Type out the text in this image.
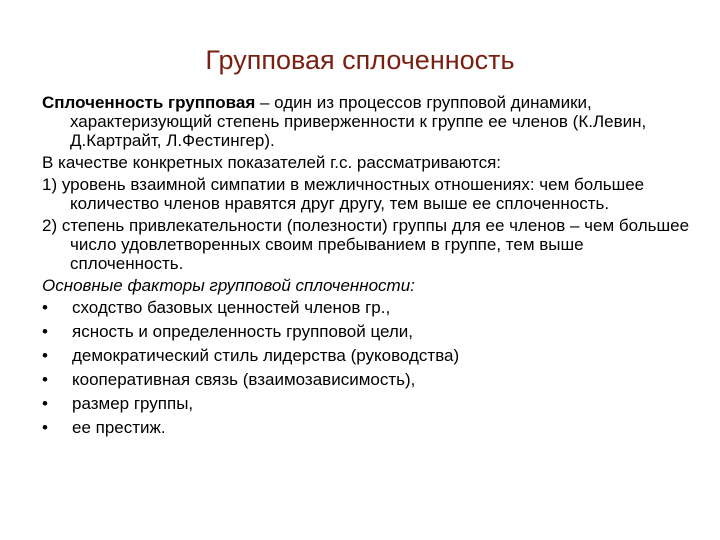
Групповая сплоченность

Сплоченность групповая – один из процессов групповой динамики, характеризующий степень приверженности к группе ее членов (К.Левин, Д.Картрайт, Л.Фестингер).

В качестве конкретных показателей г.с. рассматриваются:

1) уровень взаимной симпатии в межличностных отношениях: чем большее количество членов нравятся друг другу, тем выше ее сплоченность.

2) степень привлекательности (полезности) группы для ее членов – чем большее число удовлетворенных своим пребыванием в группе, тем выше сплоченность.

Основные факторы групповой сплоченности:

• сходство базовых ценностей членов гр.,
• ясность и определенность групповой цели,
• демократический стиль лидерства (руководства)
• кооперативная связь (взаимозависимость),
• размер группы,
• ее престиж.
